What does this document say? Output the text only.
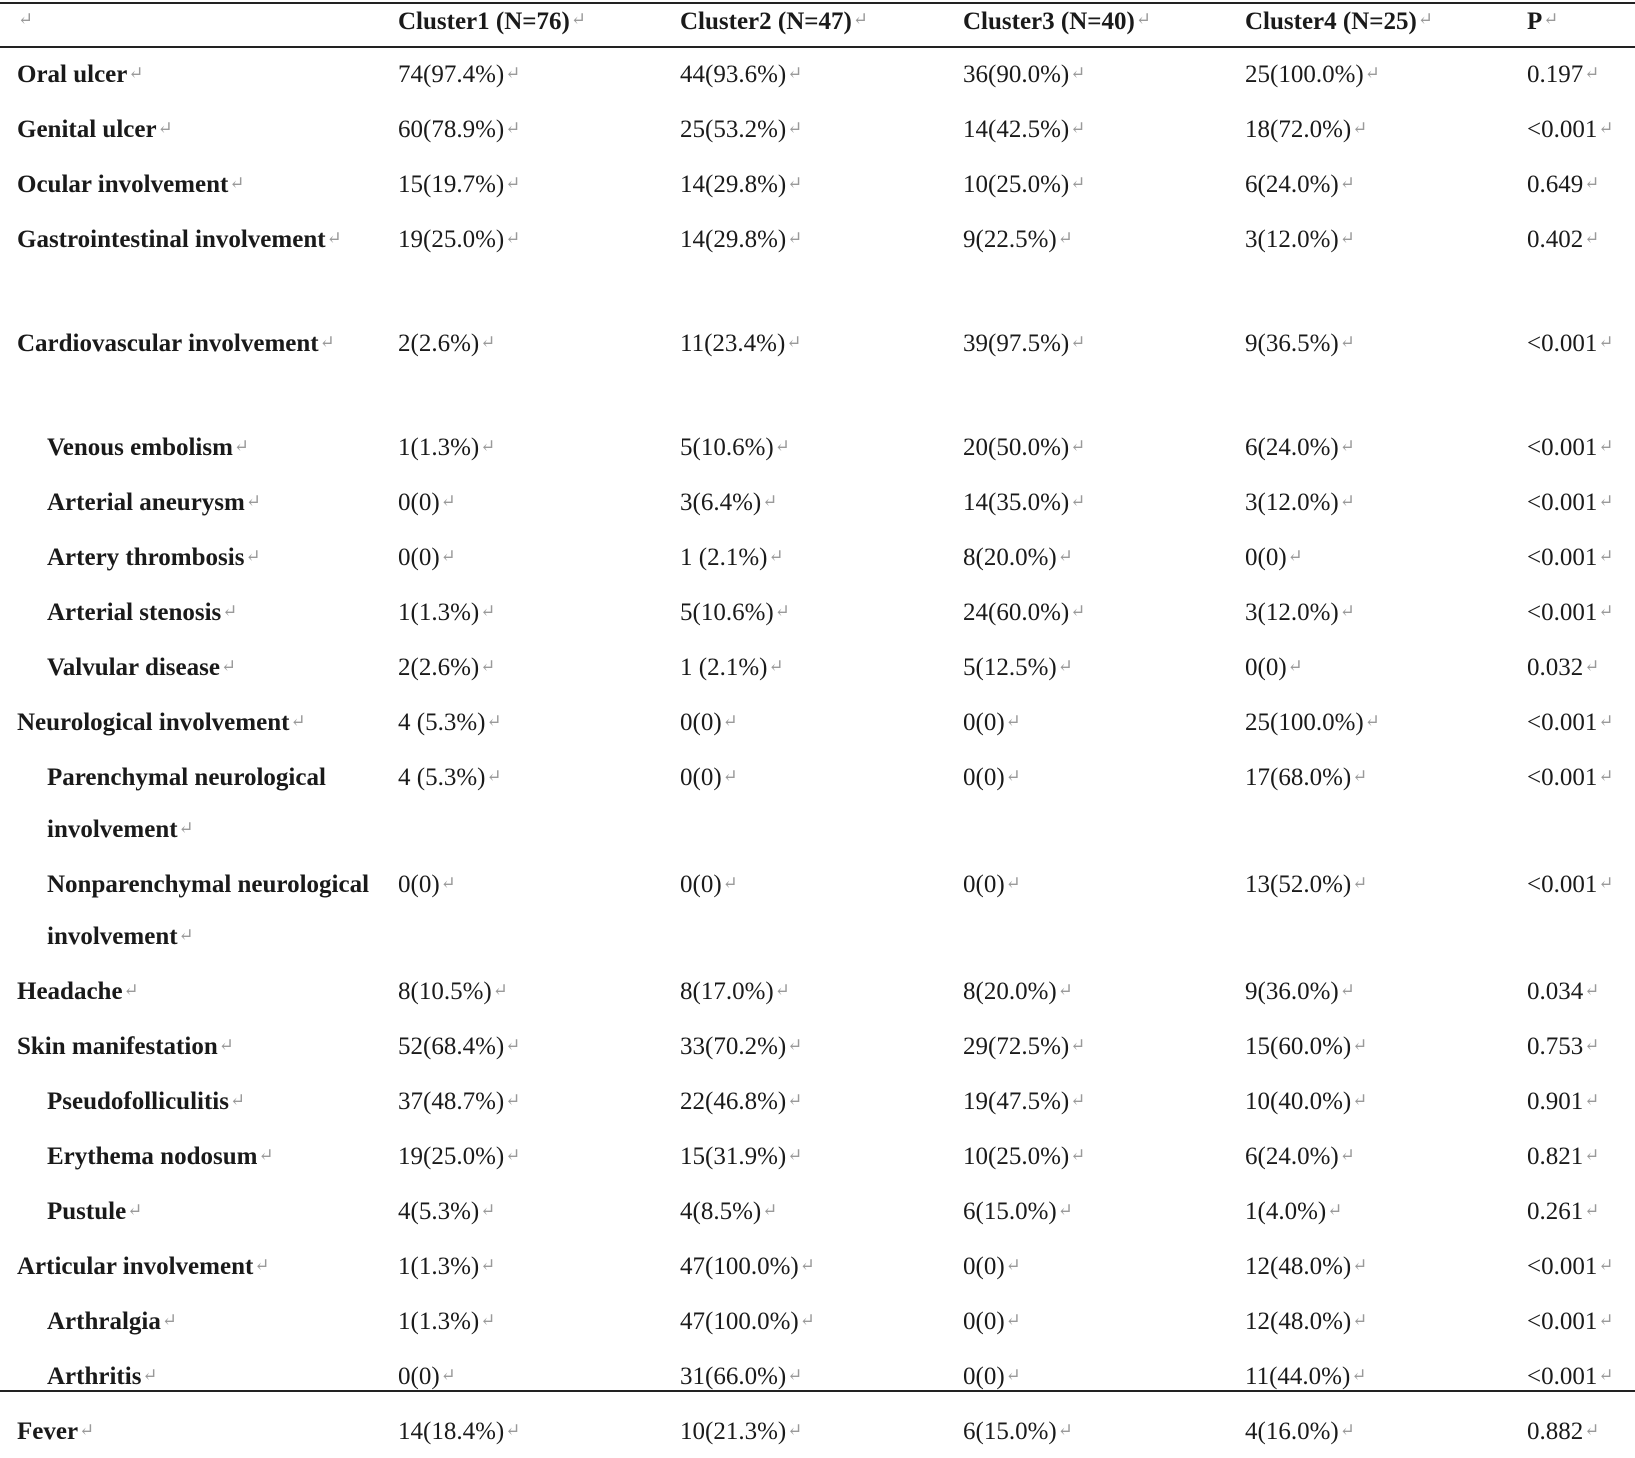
↵	Cluster1 (N=76)↵	Cluster2 (N=47)↵	Cluster3 (N=40)↵	Cluster4 (N=25)↵	P↵

Oral ulcer↵	74(97.4%)↵	44(93.6%)↵	36(90.0%)↵	25(100.0%)↵	0.197↵

Genital ulcer↵	60(78.9%)↵	25(53.2%)↵	14(42.5%)↵	18(72.0%)↵	<0.001↵

Ocular involvement↵	15(19.7%)↵	14(29.8%)↵	10(25.0%)↵	6(24.0%)↵	0.649↵

Gastrointestinal involvement↵	19(25.0%)↵	14(29.8%)↵	9(22.5%)↵	3(12.0%)↵	0.402↵

Cardiovascular involvement↵	2(2.6%)↵	11(23.4%)↵	39(97.5%)↵	9(36.5%)↵	<0.001↵

Venous embolism↵	1(1.3%)↵	5(10.6%)↵	20(50.0%)↵	6(24.0%)↵	<0.001↵

Arterial aneurysm↵	0(0)↵	3(6.4%)↵	14(35.0%)↵	3(12.0%)↵	<0.001↵

Artery thrombosis↵	0(0)↵	1 (2.1%)↵	8(20.0%)↵	0(0)↵	<0.001↵

Arterial stenosis↵	1(1.3%)↵	5(10.6%)↵	24(60.0%)↵	3(12.0%)↵	<0.001↵

Valvular disease↵	2(2.6%)↵	1 (2.1%)↵	5(12.5%)↵	0(0)↵	0.032↵

Neurological involvement↵	4 (5.3%)↵	0(0)↵	0(0)↵	25(100.0%)↵	<0.001↵

Parenchymal neurological involvement↵	4 (5.3%)↵	0(0)↵	0(0)↵	17(68.0%)↵	<0.001↵

Nonparenchymal neurological involvement↵	0(0)↵	0(0)↵	0(0)↵	13(52.0%)↵	<0.001↵

Headache↵	8(10.5%)↵	8(17.0%)↵	8(20.0%)↵	9(36.0%)↵	0.034↵

Skin manifestation↵	52(68.4%)↵	33(70.2%)↵	29(72.5%)↵	15(60.0%)↵	0.753↵

Pseudofolliculitis↵	37(48.7%)↵	22(46.8%)↵	19(47.5%)↵	10(40.0%)↵	0.901↵

Erythema nodosum↵	19(25.0%)↵	15(31.9%)↵	10(25.0%)↵	6(24.0%)↵	0.821↵

Pustule↵	4(5.3%)↵	4(8.5%)↵	6(15.0%)↵	1(4.0%)↵	0.261↵

Articular involvement↵	1(1.3%)↵	47(100.0%)↵	0(0)↵	12(48.0%)↵	<0.001↵

Arthralgia↵	1(1.3%)↵	47(100.0%)↵	0(0)↵	12(48.0%)↵	<0.001↵

Arthritis↵	0(0)↵	31(66.0%)↵	0(0)↵	11(44.0%)↵	<0.001↵

Fever↵	14(18.4%)↵	10(21.3%)↵	6(15.0%)↵	4(16.0%)↵	0.882↵
